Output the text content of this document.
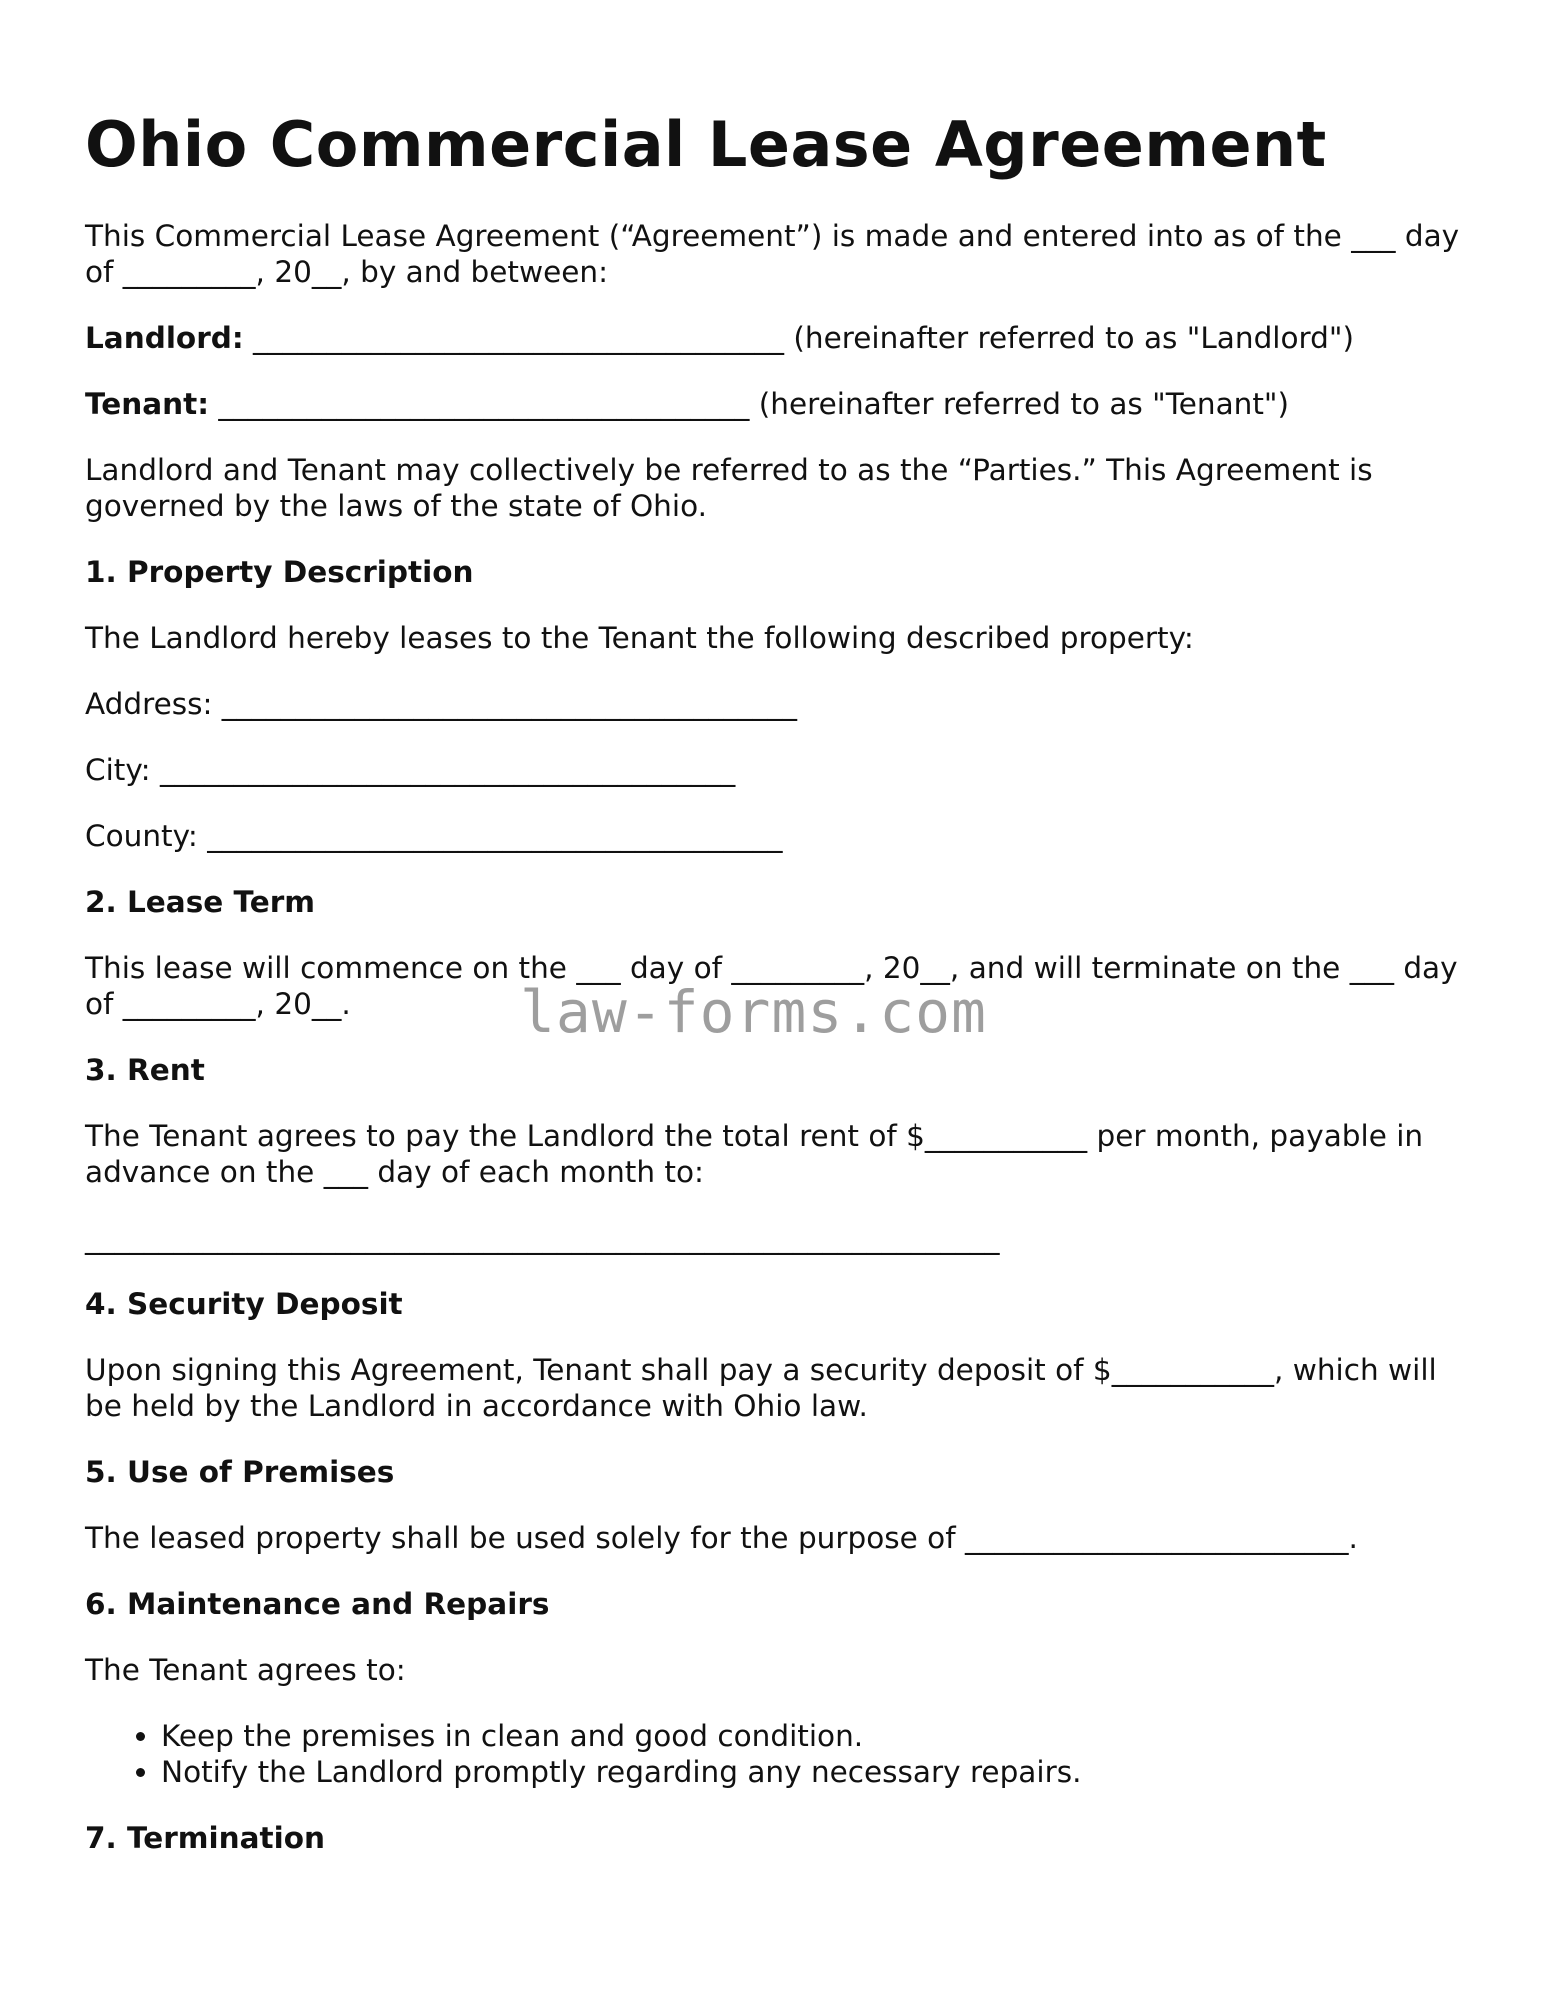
Ohio Commercial Lease Agreement

This Commercial Lease Agreement (“Agreement”) is made and entered into as of the ___ day of _________, 20__, by and between:

Landlord: ____________________________________ (hereinafter referred to as "Landlord")

Tenant: ____________________________________ (hereinafter referred to as "Tenant")

Landlord and Tenant may collectively be referred to as the “Parties.” This Agreement is governed by the laws of the state of Ohio.

1. Property Description

The Landlord hereby leases to the Tenant the following described property:

Address: _______________________________________

City: _______________________________________

County: _______________________________________

2. Lease Term

This lease will commence on the ___ day of _________, 20__, and will terminate on the ___ day of _________, 20__.

3. Rent

The Tenant agrees to pay the Landlord the total rent of $___________ per month, payable in advance on the ___ day of each month to:

______________________________________________________________

4. Security Deposit

Upon signing this Agreement, Tenant shall pay a security deposit of $___________, which will be held by the Landlord in accordance with Ohio law.

5. Use of Premises

The leased property shall be used solely for the purpose of __________________________.

6. Maintenance and Repairs

The Tenant agrees to:

• Keep the premises in clean and good condition.
• Notify the Landlord promptly regarding any necessary repairs.

7. Termination

law-forms.com
